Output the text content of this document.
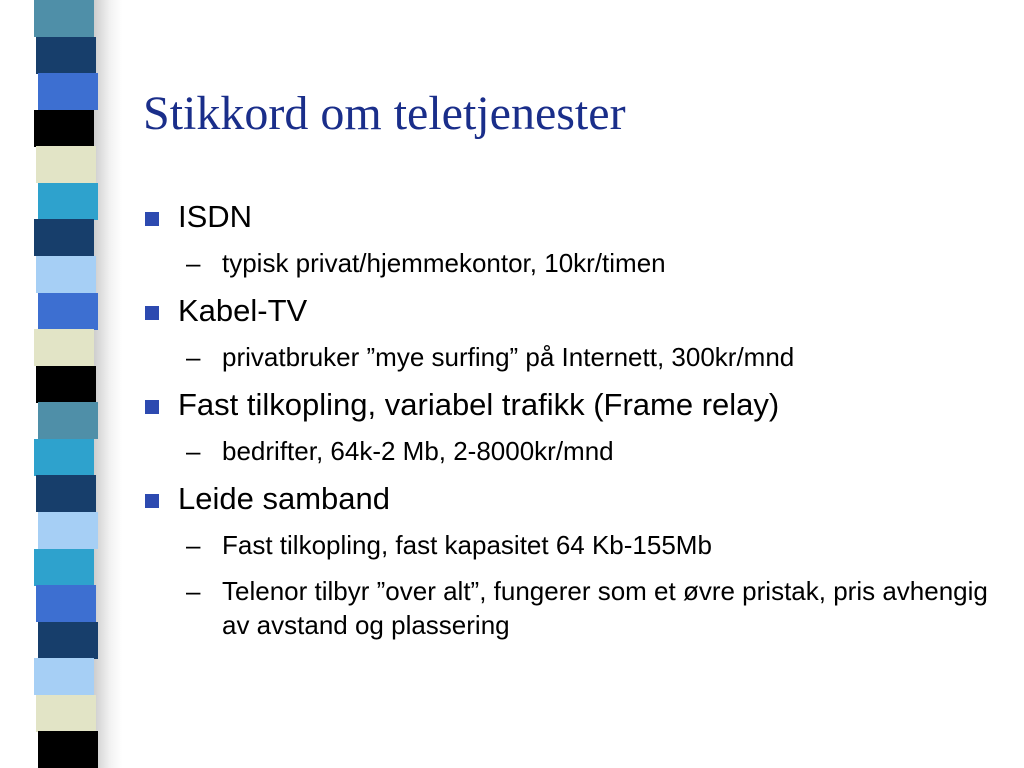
Stikkord om teletjenester
ISDN
– typisk privat/hjemmekontor, 10kr/timen
Kabel-TV
– privatbruker ”mye surfing” på Internett, 300kr/mnd
Fast tilkopling, variabel trafikk (Frame relay)
– bedrifter, 64k-2 Mb, 2-8000kr/mnd
Leide samband
– Fast tilkopling, fast kapasitet 64 Kb-155Mb
– Telenor tilbyr ”over alt”, fungerer som et øvre pristak, pris avhengig av avstand og plassering
